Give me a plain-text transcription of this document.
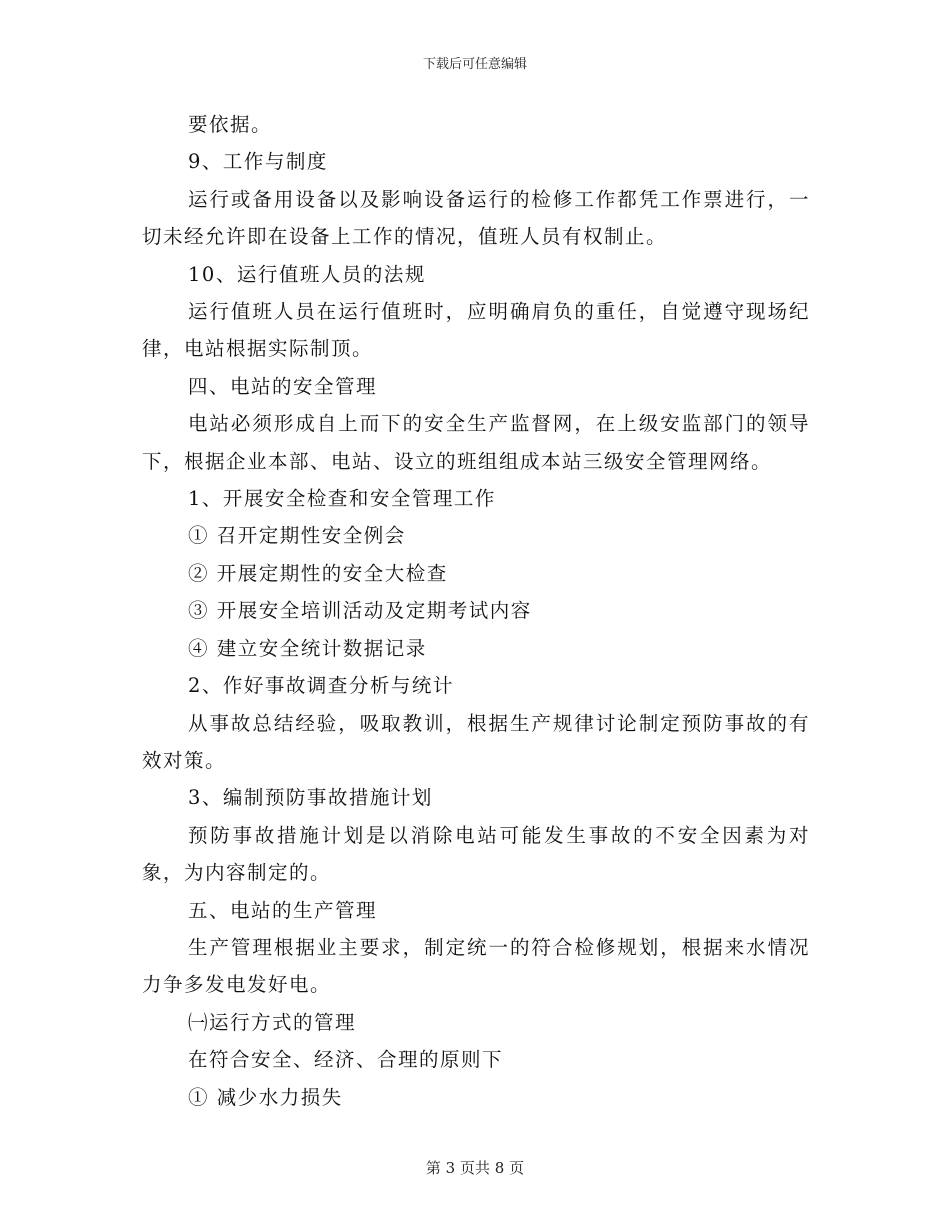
下载后可任意编辑

要依据。

9、工作与制度

运行或备用设备以及影响设备运行的检修工作都凭工作票进行，一切未经允许即在设备上工作的情况，值班人员有权制止。

10、运行值班人员的法规

运行值班人员在运行值班时，应明确肩负的重任，自觉遵守现场纪律，电站根据实际制顶。

四、电站的安全管理

电站必须形成自上而下的安全生产监督网，在上级安监部门的领导下，根据企业本部、电站、设立的班组组成本站三级安全管理网络。

1、开展安全检查和安全管理工作

① 召开定期性安全例会

② 开展定期性的安全大检查

③ 开展安全培训活动及定期考试内容

④ 建立安全统计数据记录

2、作好事故调查分析与统计

从事故总结经验，吸取教训，根据生产规律讨论制定预防事故的有效对策。

3、编制预防事故措施计划

预防事故措施计划是以消除电站可能发生事故的不安全因素为对象，为内容制定的。

五、电站的生产管理

生产管理根据业主要求，制定统一的符合检修规划，根据来水情况力争多发电发好电。

㈠运行方式的管理

在符合安全、经济、合理的原则下

① 减少水力损失

第 3 页共 8 页
